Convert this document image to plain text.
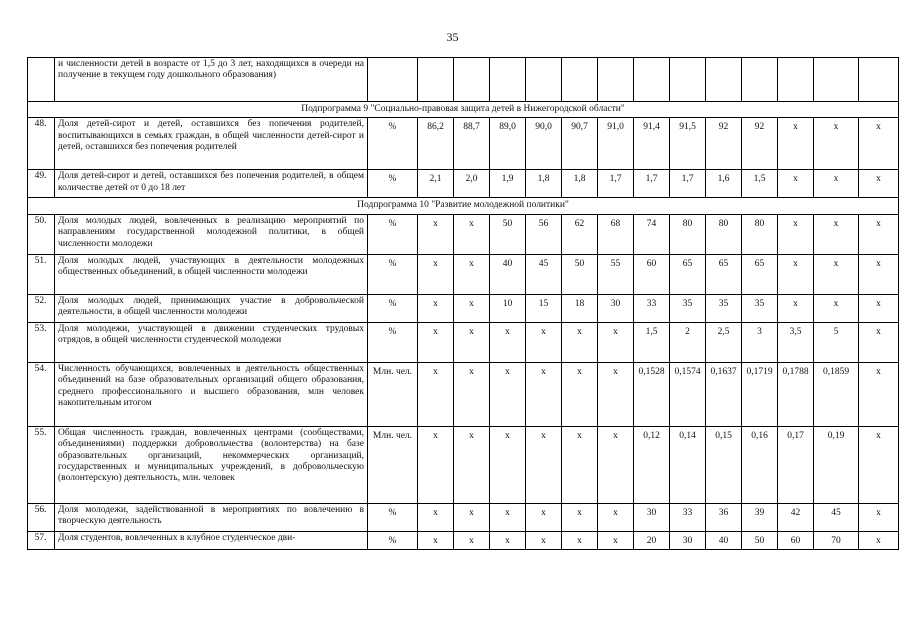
35
	и численности детей в возрасте от 1,5 до 3 лет, находящихся в очереди на получение в текущем году дошкольного образования)														
Подпрограмма 9 "Социально-правовая защита детей в Нижегородской области"															
48.	Доля детей-сирот и детей, оставшихся без попечения родителей, воспитывающихся в семьях граждан, в общей численности детей-сирот и детей, оставшихся без попечения родителей	%	86,2	88,7	89,0	90,0	90,7	91,0	91,4	91,5	92	92	x	x	x
49.	Доля детей-сирот и детей, оставшихся без попечения родителей, в общем количестве детей от 0 до 18 лет	%	2,1	2,0	1,9	1,8	1,8	1,7	1,7	1,7	1,6	1,5	x	x	x
Подпрограмма 10 "Развитие молодежной политики"															
50.	Доля молодых людей, вовлеченных в реализацию мероприятий по направлениям государственной молодежной политики, в общей численности молодежи	%	x	x	50	56	62	68	74	80	80	80	x	x	x
51.	Доля молодых людей, участвующих в деятельности молодежных общественных объединений, в общей численности молодежи	%	x	x	40	45	50	55	60	65	65	65	x	x	x
52.	Доля молодых людей, принимающих участие в добровольческой деятельности, в общей численности молодежи	%	x	x	10	15	18	30	33	35	35	35	x	x	x
53.	Доля молодежи, участвующей в движении студенческих трудовых отрядов, в общей численности студенческой молодежи	%	x	x	x	x	x	x	1,5	2	2,5	3	3,5	5	x
54.	Численность обучающихся, вовлеченных в деятельность общественных объединений на базе образовательных организаций общего образования, среднего профессионального и высшего образования, млн человек накопительным итогом	Млн. чел.	x	x	x	x	x	x	0,1528	0,1574	0,1637	0,1719	0,1788	0,1859	x
55.	Общая численность граждан, вовлеченных центрами (сообществами, объединениями) поддержки добровольчества (волонтерства) на базе образовательных организаций, некоммерческих организаций, государственных и муниципальных учреждений, в добровольческую (волонтерскую) деятельность, млн. человек	Млн. чел.	x	x	x	x	x	x	0,12	0,14	0,15	0,16	0,17	0,19	x
56.	Доля молодежи, задействованной в мероприятиях по вовлечению в творческую деятельность	%	x	x	x	x	x	x	30	33	36	39	42	45	x
57.	Доля студентов, вовлеченных в клубное студенческое дви-	%	x	x	x	x	x	x	20	30	40	50	60	70	x
